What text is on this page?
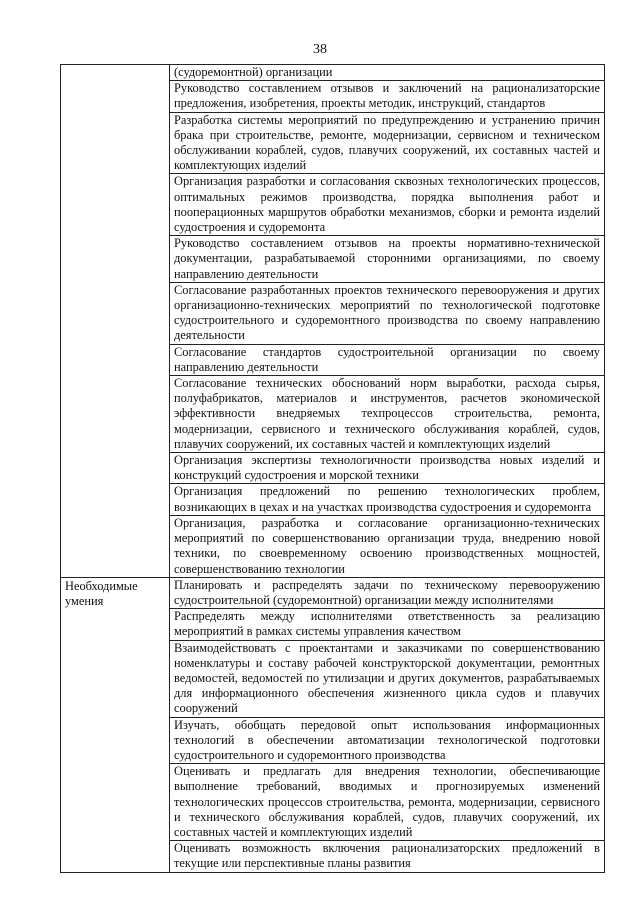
38
	(судоремонтной) организации
	Руководство составлением отзывов и заключений на рационализаторские предложения, изобретения, проекты методик, инструкций, стандартов
	Разработка системы мероприятий по предупреждению и устранению причин брака при строительстве, ремонте, модернизации, сервисном и техническом обслуживании кораблей, судов, плавучих сооружений, их составных частей и комплектующих изделий
	Организация разработки и согласования сквозных технологических процессов, оптимальных режимов производства, порядка выполнения работ и пооперационных маршрутов обработки механизмов, сборки и ремонта изделий судостроения и судоремонта
	Руководство составлением отзывов на проекты нормативно-технической документации, разрабатываемой сторонними организациями, по своему направлению деятельности
	Согласование разработанных проектов технического перевооружения и других организационно-технических мероприятий по технологической подготовке судостроительного и судоремонтного производства по своему направлению деятельности
	Согласование стандартов судостроительной организации по своему направлению деятельности
	Согласование технических обоснований норм выработки, расхода сырья, полуфабрикатов, материалов и инструментов, расчетов экономической эффективности внедряемых техпроцессов строительства, ремонта, модернизации, сервисного и технического обслуживания кораблей, судов, плавучих сооружений, их составных частей и комплектующих изделий
	Организация экспертизы технологичности производства новых изделий и конструкций судостроения и морской техники
	Организация предложений по решению технологических проблем, возникающих в цехах и на участках производства судостроения и судоремонта
	Организация, разработка и согласование организационно-технических мероприятий по совершенствованию организации труда, внедрению новой техники, по своевременному освоению производственных мощностей, совершенствованию технологии

Необходимые
умения	Планировать и распределять задачи по техническому перевооружению судостроительной (судоремонтной) организации между исполнителями
	Распределять между исполнителями ответственность за реализацию мероприятий в рамках системы управления качеством
	Взаимодействовать с проектантами и заказчиками по совершенствованию номенклатуры и составу рабочей конструкторской документации, ремонтных ведомостей, ведомостей по утилизации и других документов, разрабатываемых для информационного обеспечения жизненного цикла судов и плавучих сооружений
	Изучать, обобщать передовой опыт использования информационных технологий в обеспечении автоматизации технологической подготовки судостроительного и судоремонтного производства
	Оценивать и предлагать для внедрения технологии, обеспечивающие выполнение требований, вводимых и прогнозируемых изменений технологических процессов строительства, ремонта, модернизации, сервисного и технического обслуживания кораблей, судов, плавучих сооружений, их составных частей и комплектующих изделий
	Оценивать возможность включения рационализаторских предложений в текущие или перспективные планы развития
